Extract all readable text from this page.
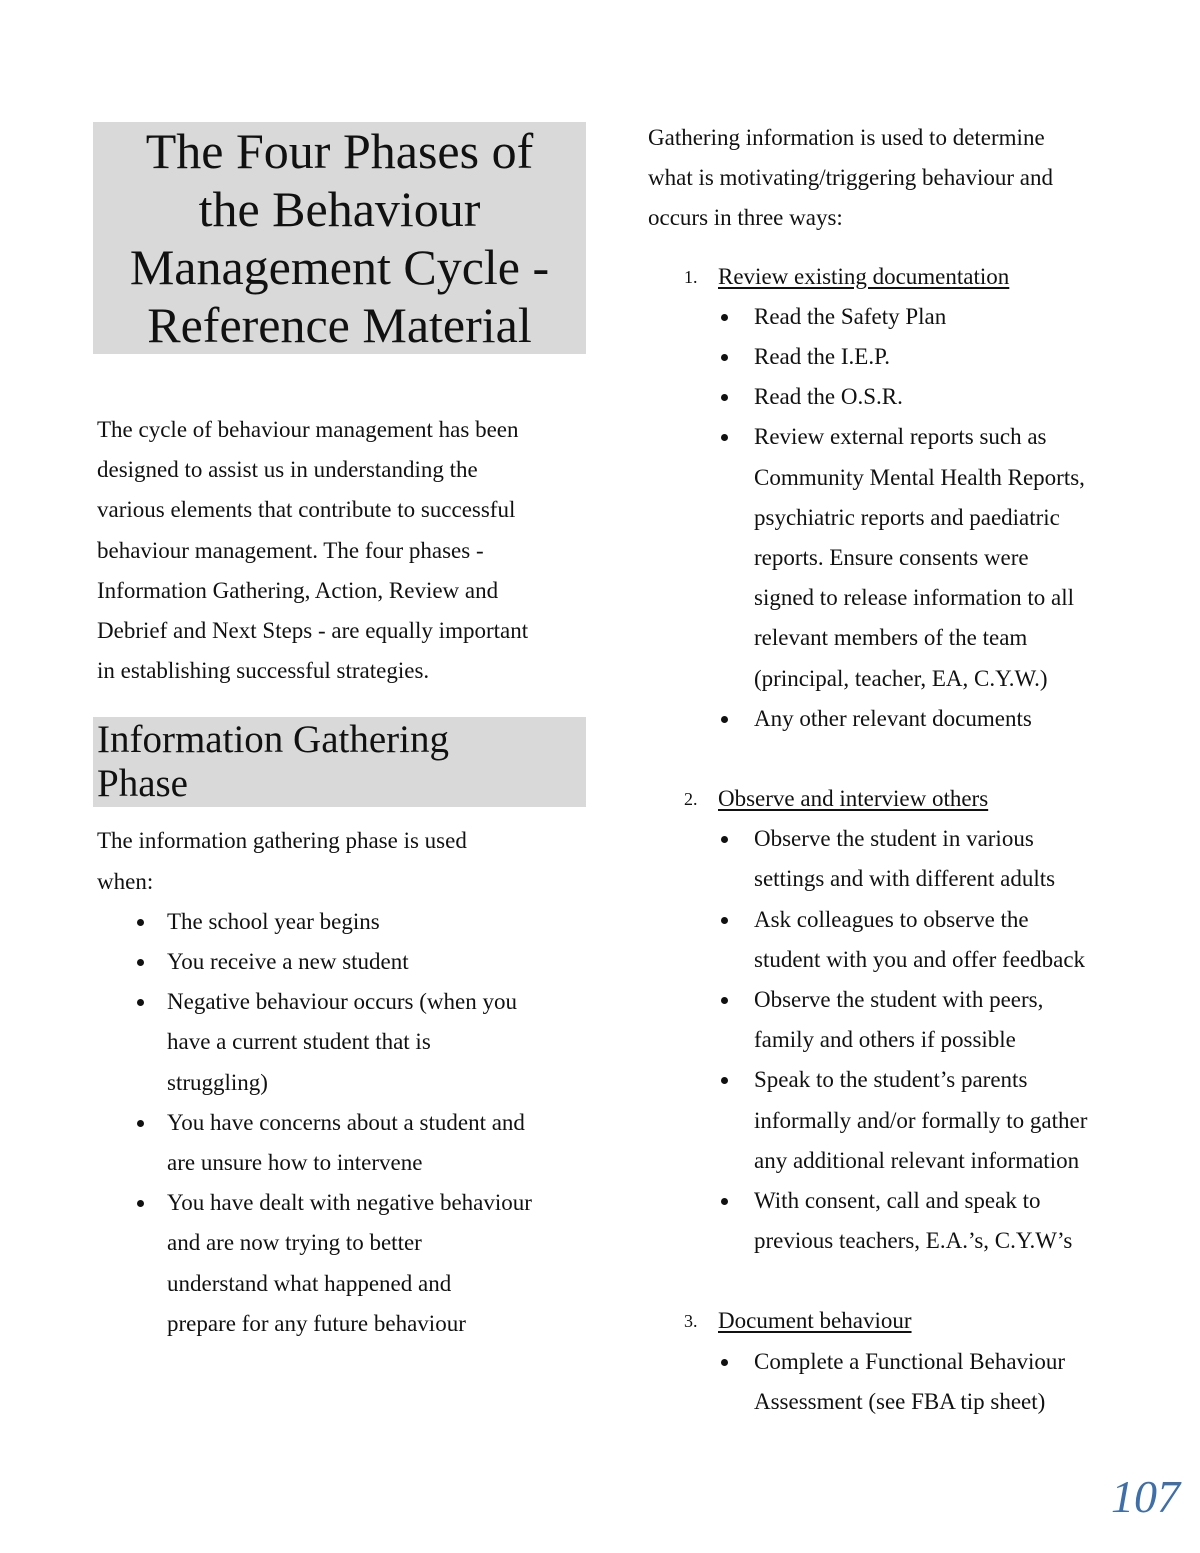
The Four Phases of
the Behaviour
Management Cycle -
Reference Material

The cycle of behaviour management has been
designed to assist us in understanding the
various elements that contribute to successful
behaviour management. The four phases -
Information Gathering, Action, Review and
Debrief and Next Steps - are equally important
in establishing successful strategies.

Information Gathering
Phase

The information gathering phase is used
when:

The school year begins
You receive a new student
Negative behaviour occurs (when you
have a current student that is
struggling)
You have concerns about a student and
are unsure how to intervene
You have dealt with negative behaviour
and are now trying to better
understand what happened and
prepare for any future behaviour

Gathering information is used to determine
what is motivating/triggering behaviour and
occurs in three ways:

1. Review existing documentation
Read the Safety Plan
Read the I.E.P.
Read the O.S.R.
Review external reports such as
Community Mental Health Reports,
psychiatric reports and paediatric
reports. Ensure consents were
signed to release information to all
relevant members of the team
(principal, teacher, EA, C.Y.W.)
Any other relevant documents
2. Observe and interview others
Observe the student in various
settings and with different adults
Ask colleagues to observe the
student with you and offer feedback
Observe the student with peers,
family and others if possible
Speak to the student’s parents
informally and/or formally to gather
any additional relevant information
With consent, call and speak to
previous teachers, E.A.’s, C.Y.W’s
3. Document behaviour
Complete a Functional Behaviour
Assessment (see FBA tip sheet)
107
